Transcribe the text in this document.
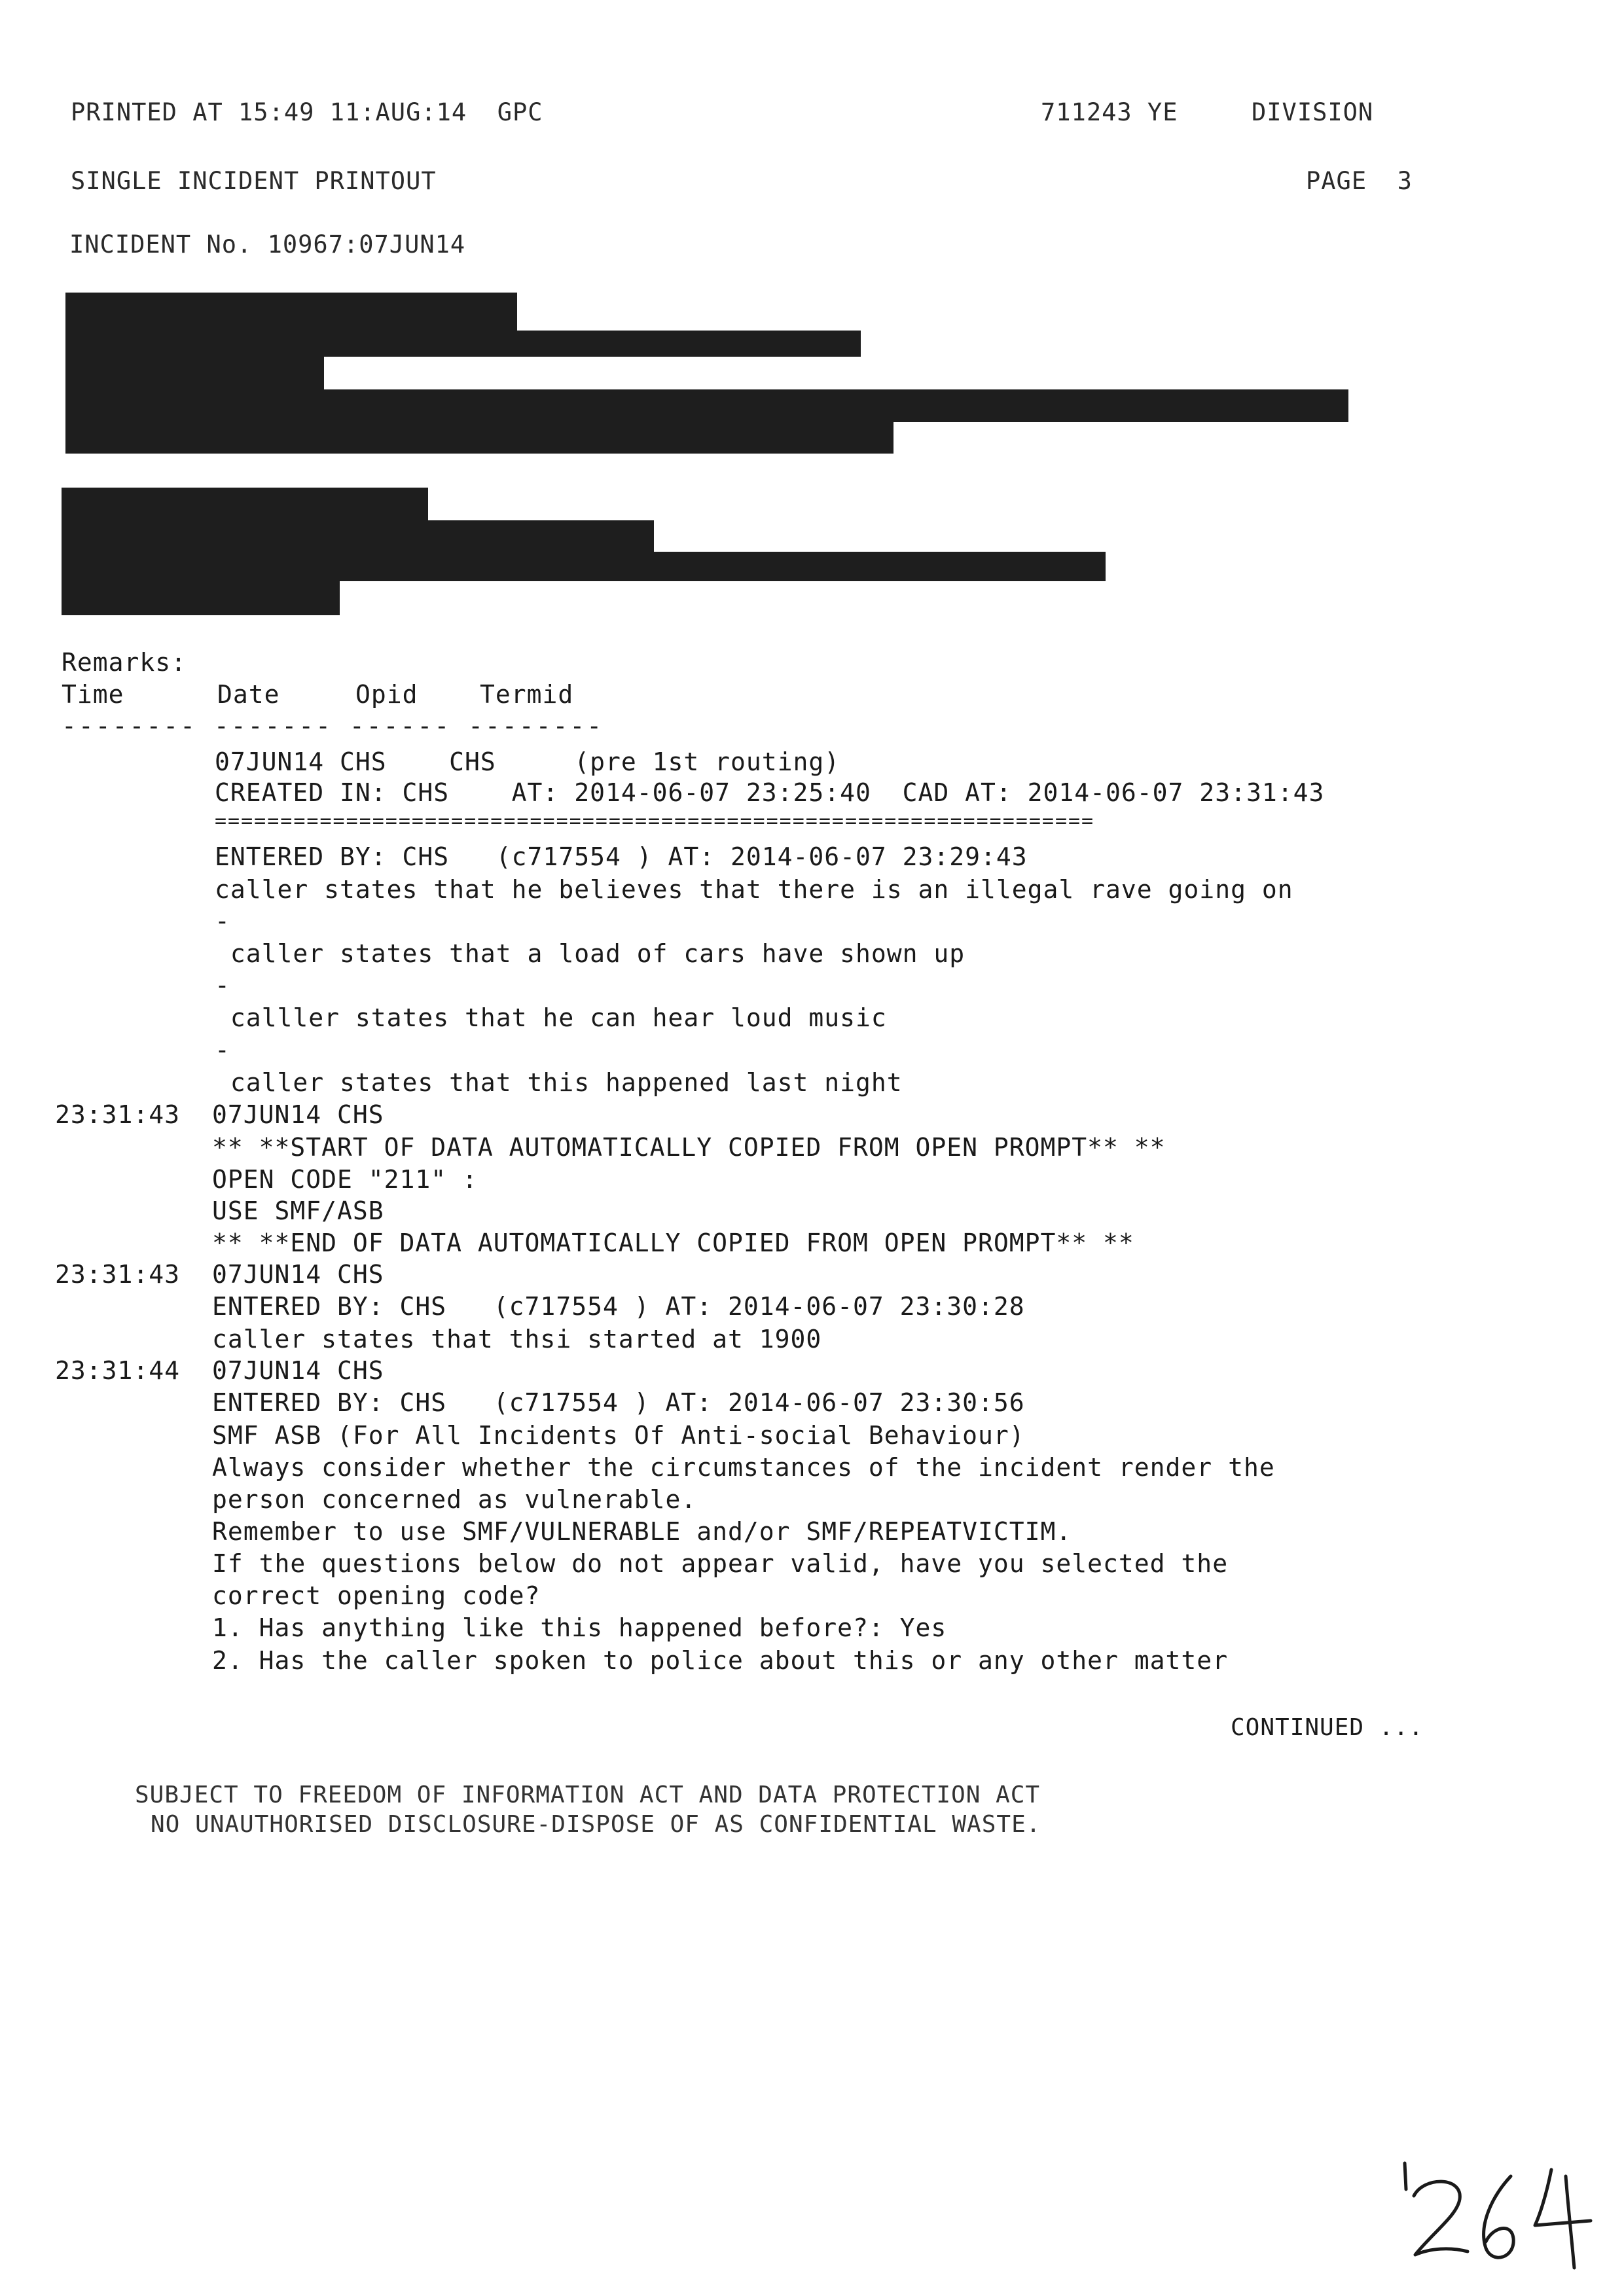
PRINTED AT 15:49 11:AUG:14  GPC	711243 YE	DIVISION
SINGLE INCIDENT PRINTOUT	PAGE  3
INCIDENT No. 10967:07JUN14
Remarks:
Time	Date	Opid Termid
-------- ------- ------ --------
07JUN14 CHS    CHS     (pre 1st routing)
CREATED IN: CHS    AT: 2014-06-07 23:25:40  CAD AT: 2014-06-07 23:31:43
===================================================================
ENTERED BY: CHS   (c717554 ) AT: 2014-06-07 23:29:43
caller states that he believes that there is an illegal rave going on
-
caller states that a load of cars have shown up
-
calller states that he can hear loud music
-
caller states that this happened last night
23:31:43 07JUN14 CHS
** **START OF DATA AUTOMATICALLY COPIED FROM OPEN PROMPT** **
OPEN CODE "211" :
USE SMF/ASB
** **END OF DATA AUTOMATICALLY COPIED FROM OPEN PROMPT** **
23:31:43 07JUN14 CHS
ENTERED BY: CHS   (c717554 ) AT: 2014-06-07 23:30:28
caller states that thsi started at 1900
23:31:44 07JUN14 CHS
ENTERED BY: CHS   (c717554 ) AT: 2014-06-07 23:30:56
SMF ASB (For All Incidents Of Anti-social Behaviour)
Always consider whether the circumstances of the incident render the
person concerned as vulnerable.
Remember to use SMF/VULNERABLE and/or SMF/REPEATVICTIM.
If the questions below do not appear valid, have you selected the
correct opening code?
1. Has anything like this happened before?: Yes
2. Has the caller spoken to police about this or any other matter
CONTINUED ...
SUBJECT TO FREEDOM OF INFORMATION ACT AND DATA PROTECTION ACT
NO UNAUTHORISED DISCLOSURE-DISPOSE OF AS CONFIDENTIAL WASTE.
